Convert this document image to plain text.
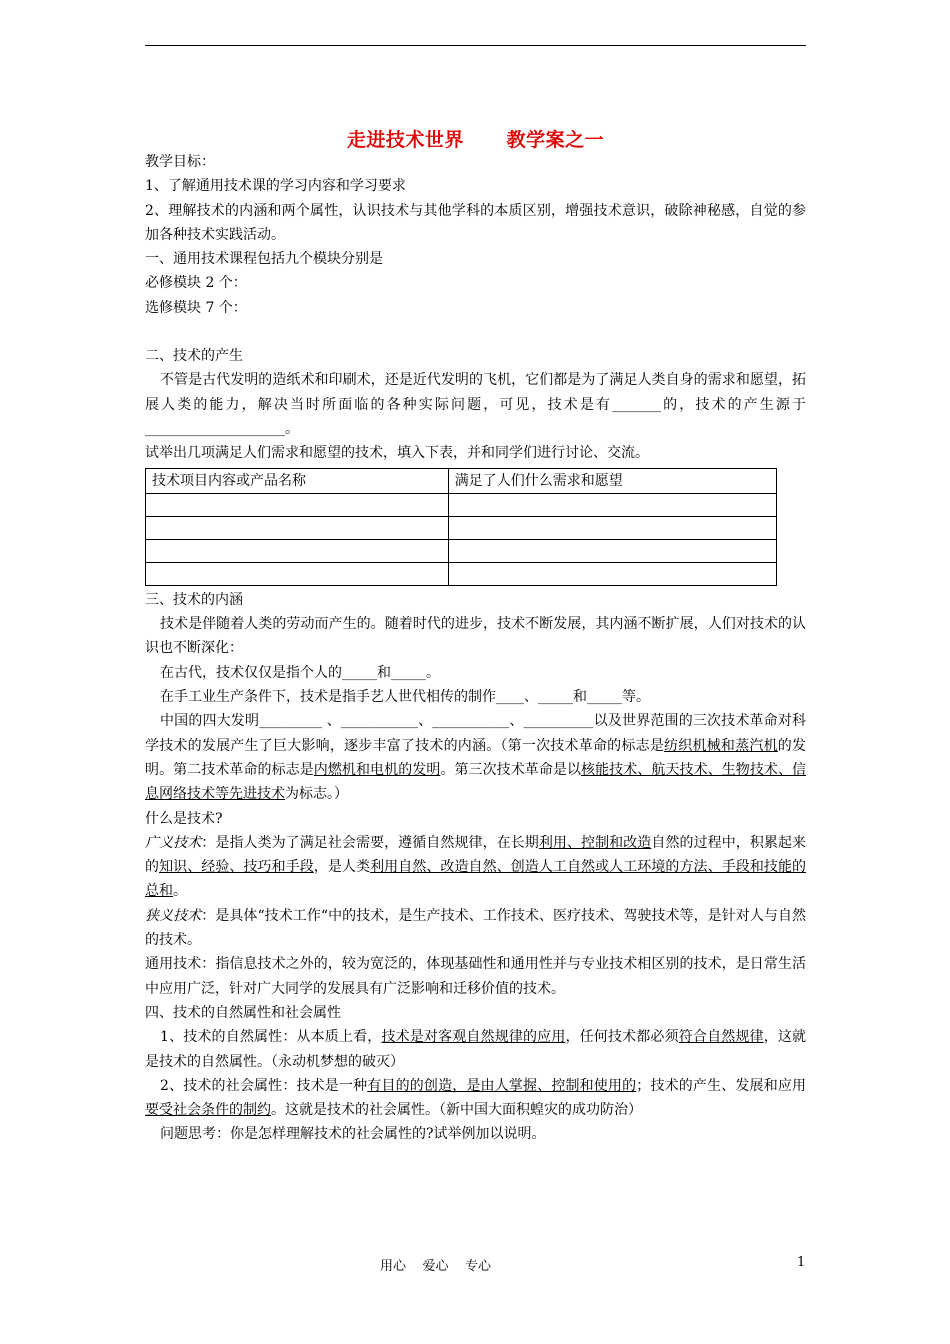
走进技术世界      教学案之一

教学目标：

1、了解通用技术课的学习内容和学习要求

2、理解技术的内涵和两个属性，认识技术与其他学科的本质区别，增强技术意识，破除神秘感，自觉的参加各种技术实践活动。

一、通用技术课程包括九个模块分别是

必修模块 2 个：

选修模块 7 个：

二、技术的产生

不管是古代发明的造纸术和印刷术，还是近代发明的飞机，它们都是为了满足人类自身的需求和愿望，拓展人类的能力，解决当时所面临的各种实际问题，可见，技术是有_______的，技术的产生源于____________________。

试举出几项满足人们需求和愿望的技术，填入下表，并和同学们进行讨论、交流。

技术项目内容或产品名称	满足了人们什么需求和愿望

三、技术的内涵

技术是伴随着人类的劳动而产生的。随着时代的进步，技术不断发展，其内涵不断扩展，人们对技术的认识也不断深化：

在古代，技术仅仅是指个人的_____和_____。

在手工业生产条件下，技术是指手艺人世代相传的制作____、_____和_____等。

中国的四大发明_________ 、___________、___________、__________以及世界范围的三次技术革命对科学技术的发展产生了巨大影响，逐步丰富了技术的内涵。（第一次技术革命的标志是纺织机械和蒸汽机的发明。第二技术革命的标志是内燃机和电机的发明。第三次技术革命是以核能技术、航天技术、生物技术、信息网络技术等先进技术为标志。）

什么是技术?

广义技术：是指人类为了满足社会需要，遵循自然规律，在长期利用、控制和改造自然的过程中，积累起来的知识、经验、技巧和手段，是人类利用自然、改造自然、创造人工自然或人工环境的方法、手段和技能的总和。

狭义技术：是具体“技术工作“中的技术，是生产技术、工作技术、医疗技术、驾驶技术等，是针对人与自然的技术。

通用技术：指信息技术之外的，较为宽泛的，体现基础性和通用性并与专业技术相区别的技术，是日常生活中应用广泛，针对广大同学的发展具有广泛影响和迁移价值的技术。

四、技术的自然属性和社会属性

1、技术的自然属性：从本质上看，技术是对客观自然规律的应用，任何技术都必须符合自然规律，这就是技术的自然属性。（永动机梦想的破灭）

2、技术的社会属性：技术是一种有目的的创造，是由人掌握、控制和使用的；技术的产生、发展和应用要受社会条件的制约。这就是技术的社会属性。（新中国大面积蝗灾的成功防治）

问题思考：你是怎样理解技术的社会属性的?试举例加以说明。

用心    爱心    专心	1
